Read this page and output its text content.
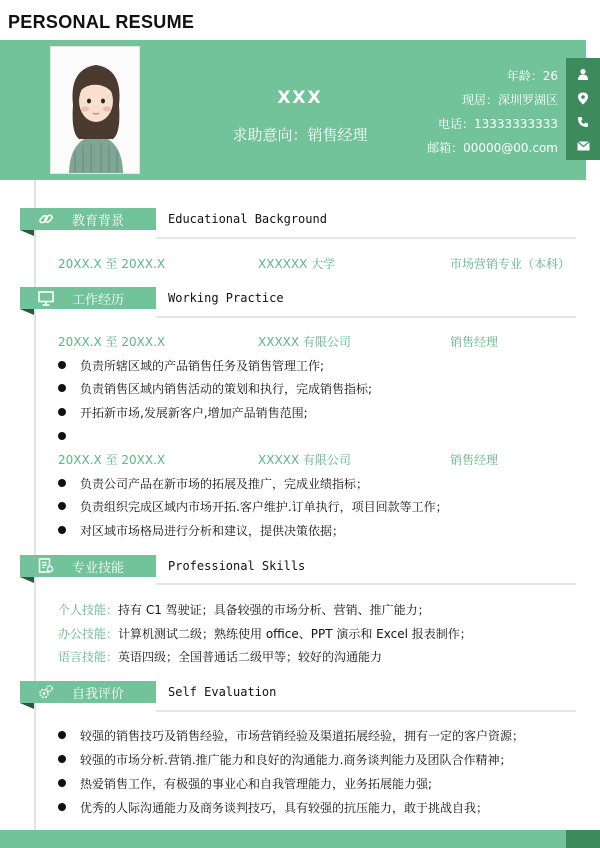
PERSONAL RESUME
XXX
求助意向：销售经理
年龄：26
现居：深圳罗湖区
电话：13333333333
邮箱：00000@00.com
教育背景	Educational Background
20XX.X 至 20XX.X	XXXXXX 大学	市场营销专业（本科）
工作经历	Working Practice
20XX.X 至 20XX.X	XXXXX 有限公司	销售经理
负责所辖区域的产品销售任务及销售管理工作;
负责销售区域内销售活动的策划和执行，完成销售指标;
开拓新市场,发展新客户,增加产品销售范围;
20XX.X 至 20XX.X	XXXXX 有限公司	销售经理
负责公司产品在新市场的拓展及推广，完成业绩指标；
负责组织完成区域内市场开拓.客户维护.订单执行，项目回款等工作；
对区域市场格局进行分析和建议，提供决策依据；
专业技能	Professional Skills
个人技能：持有 C1 驾驶证；具备较强的市场分析、营销、推广能力；
办公技能：计算机测试二级；熟练使用 office、PPT 演示和 Excel 报表制作；
语言技能：英语四级；全国普通话二级甲等；较好的沟通能力
自我评价	Self Evaluation
较强的销售技巧及销售经验，市场营销经验及渠道拓展经验，拥有一定的客户资源；
较强的市场分析.营销.推广能力和良好的沟通能力.商务谈判能力及团队合作精神；
热爱销售工作，有极强的事业心和自我管理能力，业务拓展能力强;
优秀的人际沟通能力及商务谈判技巧，具有较强的抗压能力，敢于挑战自我；
